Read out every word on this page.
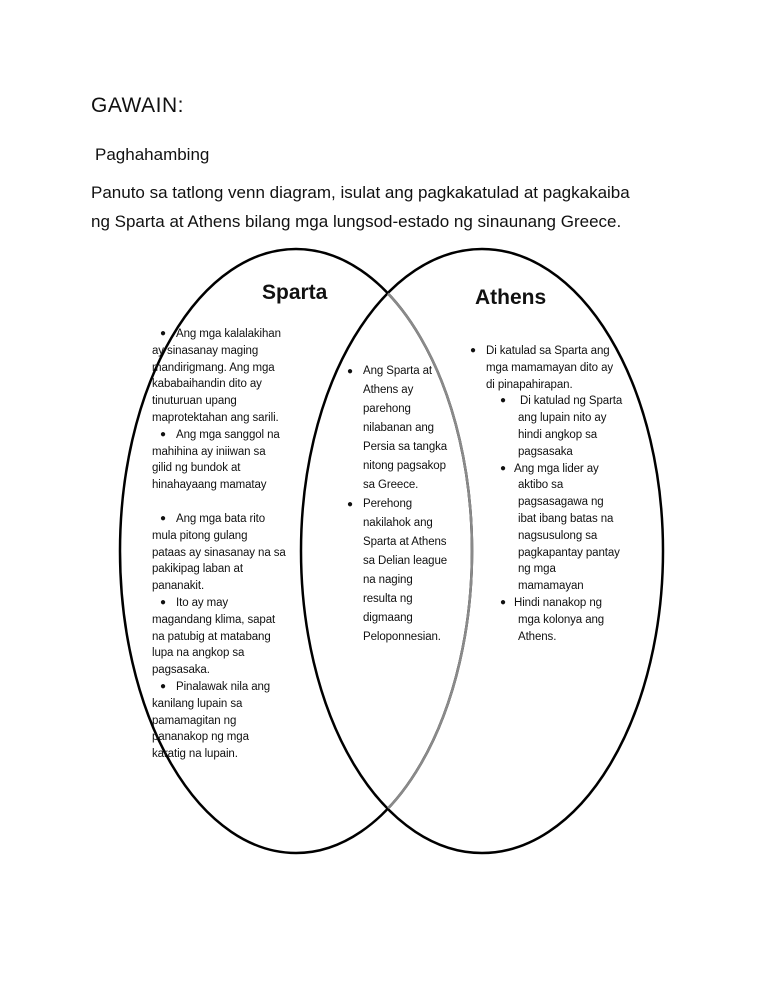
GAWAIN:
Paghahambing
Panuto sa tatlong venn diagram, isulat ang pagkakatulad at pagkakaiba
ng Sparta at Athens bilang mga lungsod-estado ng sinaunang Greece.
Sparta	Athens
● Ang mga kalalakihan
ay sinasanay maging
mandirigmang. Ang mga
kababaihandin dito ay
tinuturuan upang
maprotektahan ang sarili.
● Ang mga sanggol na
mahihina ay iniiwan sa
gilid ng bundok at
hinahayaang mamatay
● Ang mga bata rito
mula pitong gulang
pataas ay sinasanay na sa
pakikipag laban at
pananakit.
● Ito ay may
magandang klima, sapat
na patubig at matabang
lupa na angkop sa
pagsasaka.
● Pinalawak nila ang
kanilang lupain sa
pamamagitan ng
pananakop ng mga
karatig na lupain.
● Ang Sparta at
Athens ay
parehong
nilabanan ang
Persia sa tangka
nitong pagsakop
sa Greece.
● Perehong
nakilahok ang
Sparta at Athens
sa Delian league
na naging
resulta ng
digmaang
Peloponnesian.
● Di katulad sa Sparta ang
mga mamamayan dito ay
di pinapahirapan.
●	Di katulad ng Sparta
ang lupain nito ay
hindi angkop sa
pagsasaka
● Ang mga lider ay
aktibo sa
pagsasagawa ng
ibat ibang batas na
nagsusulong sa
pagkapantay pantay
ng mga
mamamayan
● Hindi nanakop ng
mga kolonya ang
Athens.
